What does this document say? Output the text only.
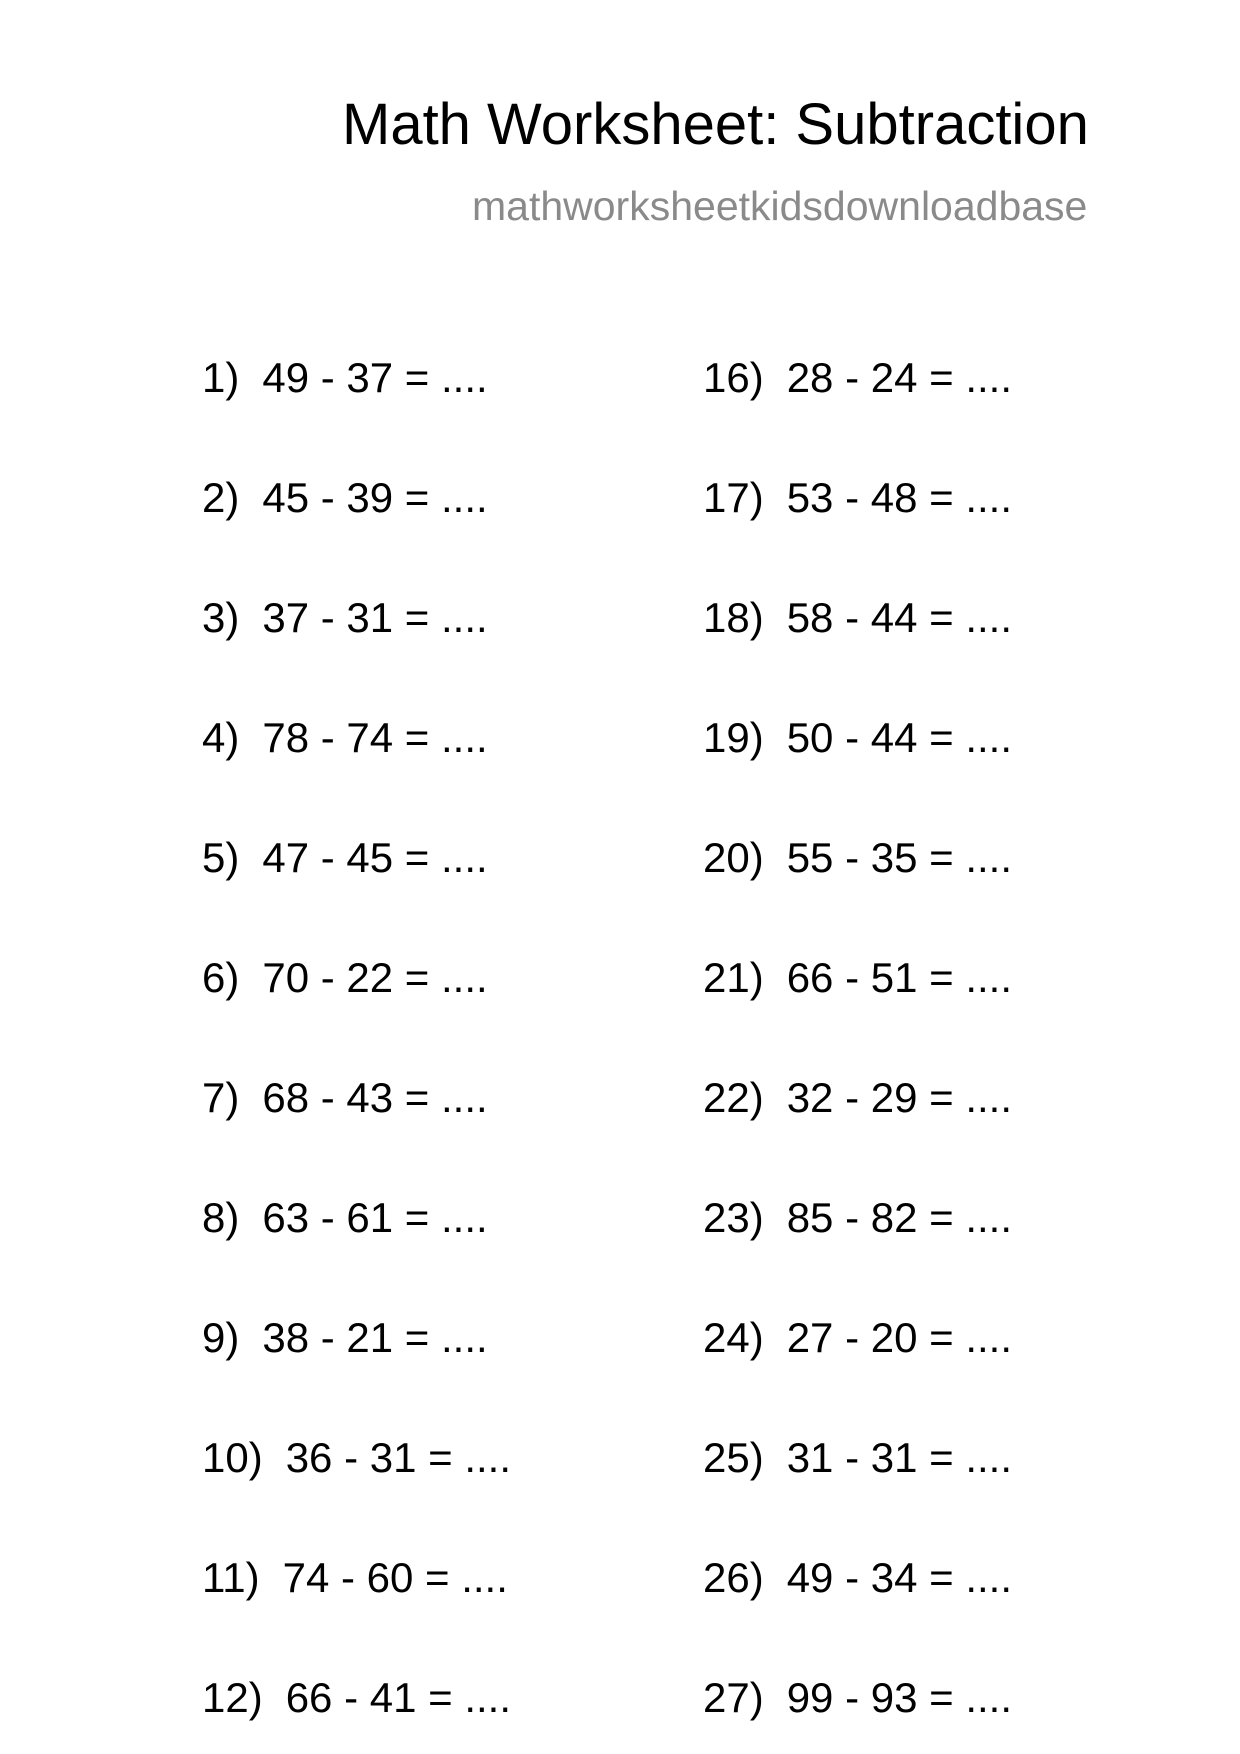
Math Worksheet: Subtraction
mathworksheetkidsdownloadbase
1) 49 - 37 = ....
2) 45 - 39 = ....
3) 37 - 31 = ....
4) 78 - 74 = ....
5) 47 - 45 = ....
6) 70 - 22 = ....
7) 68 - 43 = ....
8) 63 - 61 = ....
9) 38 - 21 = ....
10) 36 - 31 = ....
11) 74 - 60 = ....
12) 66 - 41 = ....
16) 28 - 24 = ....
17) 53 - 48 = ....
18) 58 - 44 = ....
19) 50 - 44 = ....
20) 55 - 35 = ....
21) 66 - 51 = ....
22) 32 - 29 = ....
23) 85 - 82 = ....
24) 27 - 20 = ....
25) 31 - 31 = ....
26) 49 - 34 = ....
27) 99 - 93 = ....
